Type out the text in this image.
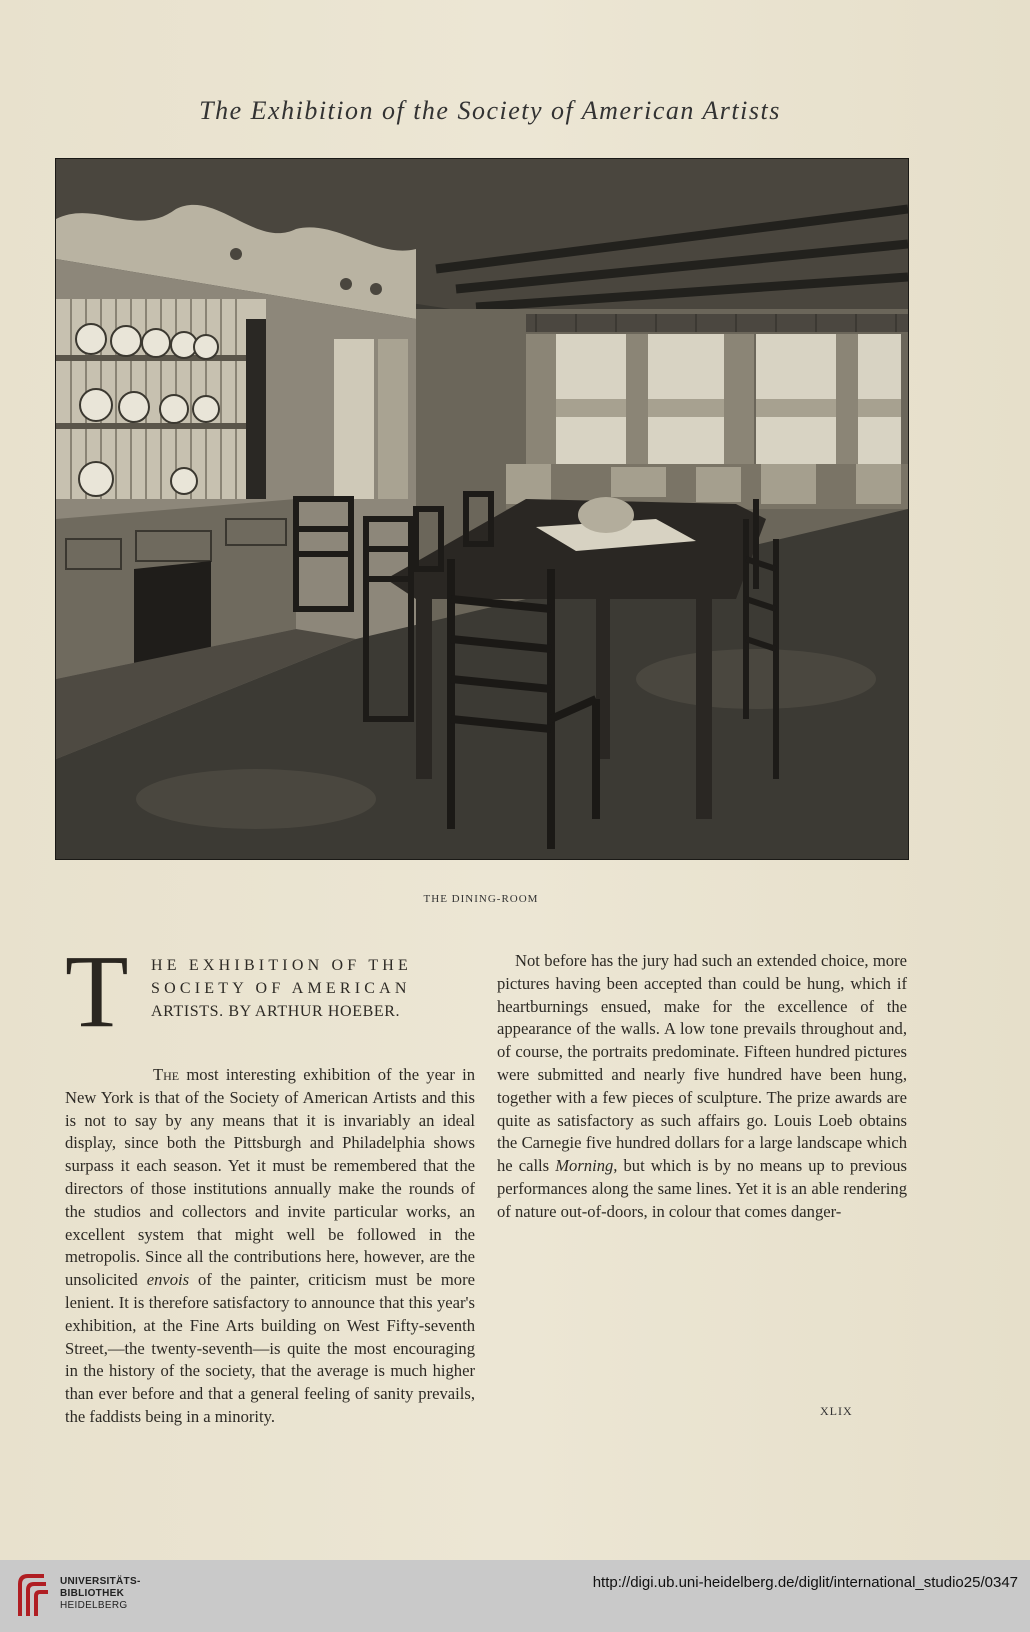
The Exhibition of the Society of American Artists
THE DINING-ROOM
T HE EXHIBITION OF THE
SOCIETY OF AMERICAN
ARTISTS. BY ARTHUR HOEBER.

The most interesting exhibition of the year in New York is that of the Society of American Artists and this is not to say by any means that it is invariably an ideal display, since both the Pittsburgh and Philadelphia shows surpass it each season. Yet it must be remembered that the directors of those institutions annually make the rounds of the studios and collectors and invite particular works, an excellent system that might well be followed in the metropolis. Since all the contributions here, however, are the unsolicited envois of the painter, criticism must be more lenient. It is therefore satisfactory to announce that this year's exhibition, at the Fine Arts building on West Fifty-seventh Street,—the twenty-seventh—is quite the most encouraging in the history of the society, that the average is much higher than ever before and that a general feeling of sanity prevails, the faddists being in a minority.

Not before has the jury had such an extended choice, more pictures having been accepted than could be hung, which if heartburnings ensued, make for the excellence of the appearance of the walls. A low tone prevails throughout and, of course, the portraits predominate. Fifteen hundred pictures were submitted and nearly five hundred have been hung, together with a few pieces of sculpture. The prize awards are quite as satisfactory as such affairs go. Louis Loeb obtains the Carnegie five hundred dollars for a large landscape which he calls Morning, but which is by no means up to previous performances along the same lines. Yet it is an able rendering of nature out-of-doors, in colour that comes danger-

XLIX
UNIVERSITÄTS-
BIBLIOTHEK
HEIDELBERG
http://digi.ub.uni-heidelberg.de/diglit/international_studio25/0347
